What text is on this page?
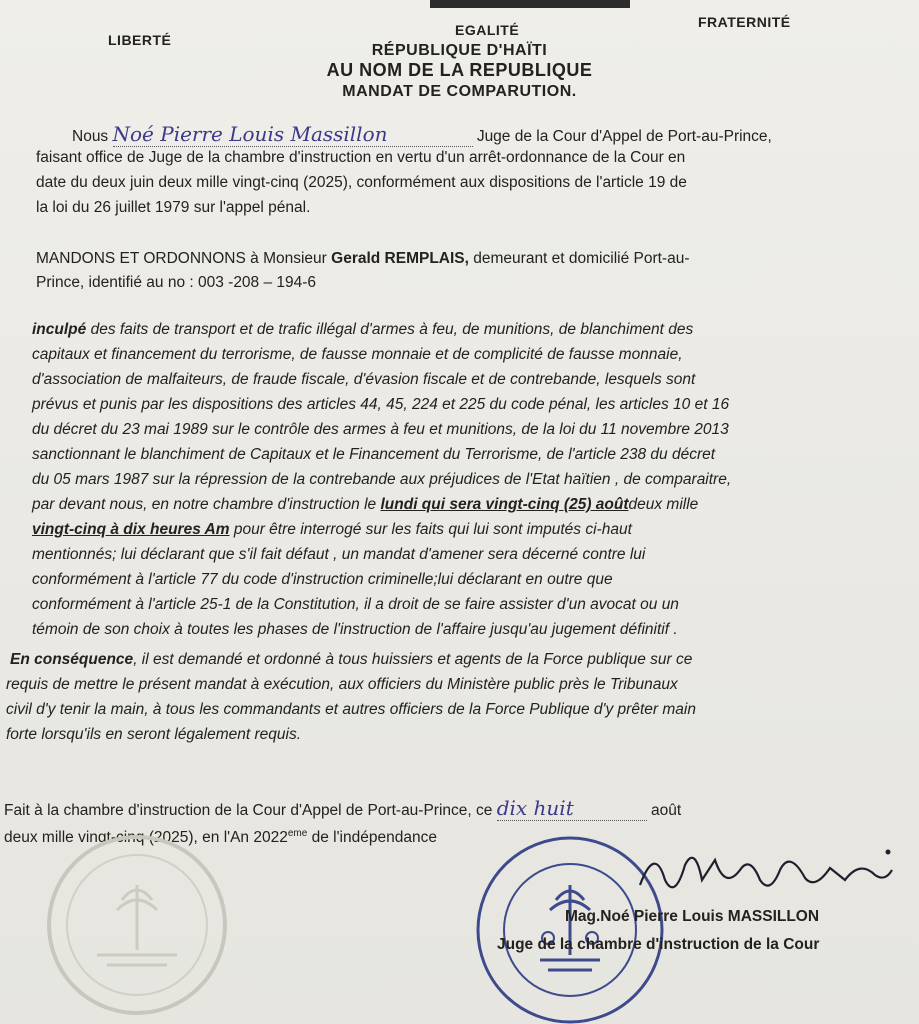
LIBERTÉ
EGALITÉ	FRATERNITÉ
RÉPUBLIQUE D'HAÏTI
AU NOM DE LA REPUBLIQUE
MANDAT DE COMPARUTION.
Nous Noé Pierre Louis Massillon	Juge de la Cour d'Appel de Port-au-Prince,
faisant office de Juge de la chambre d'instruction en vertu d'un arrêt-ordonnance de la Cour en
date du deux juin deux mille vingt-cinq (2025), conformément aux dispositions de l'article 19 de
la loi du 26 juillet 1979 sur l'appel pénal.
MANDONS ET ORDONNONS à Monsieur Gerald REMPLAIS, demeurant et domicilié Port-au-
Prince, identifié au no : 003 -208 – 194-6
inculpé des faits de transport et de trafic illégal d'armes à feu, de munitions, de blanchiment des
capitaux et financement du terrorisme, de fausse monnaie et de complicité de fausse monnaie,
d'association de malfaiteurs, de fraude fiscale, d'évasion fiscale et de contrebande, lesquels sont
prévus et punis par les dispositions des articles 44, 45, 224 et 225 du code pénal, les articles 10 et 16
du décret du 23 mai 1989 sur le contrôle des armes à feu et munitions, de la loi du 11 novembre 2013
sanctionnant le blanchiment de Capitaux et le Financement du Terrorisme, de l'article 238 du décret
du 05 mars 1987 sur la répression de la contrebande aux préjudices de l'Etat haïtien , de comparaitre,
par devant nous, en notre chambre d'instruction le lundi qui sera vingt-cinq (25) aoûtdeux mille
vingt-cinq à dix heures Am pour être interrogé sur les faits qui lui sont imputés ci-haut
mentionnés; lui déclarant que s'il fait défaut , un mandat d'amener sera décerné contre lui
conformément à l'article 77 du code d'instruction criminelle;lui déclarant en outre que
conformément à l'article 25-1 de la Constitution, il a droit de se faire assister d'un avocat ou un
témoin de son choix à toutes les phases de l'instruction de l'affaire jusqu'au jugement définitif .
En conséquence, il est demandé et ordonné à tous huissiers et agents de la Force publique sur ce
requis de mettre le présent mandat à exécution, aux officiers du Ministère public près le Tribunaux
civil d'y tenir la main, à tous les commandants et autres officiers de la Force Publique d'y prêter main
forte lorsqu'ils en seront légalement requis.
Fait à la chambre d'instruction de la Cour d'Appel de Port-au-Prince, ce dix huit	août
deux mille vingt-cinq (2025), en l'An 2022eme de l'indépendance
Mag.Noé Pierre Louis MASSILLON
Juge de la chambre d'instruction de la Cour
